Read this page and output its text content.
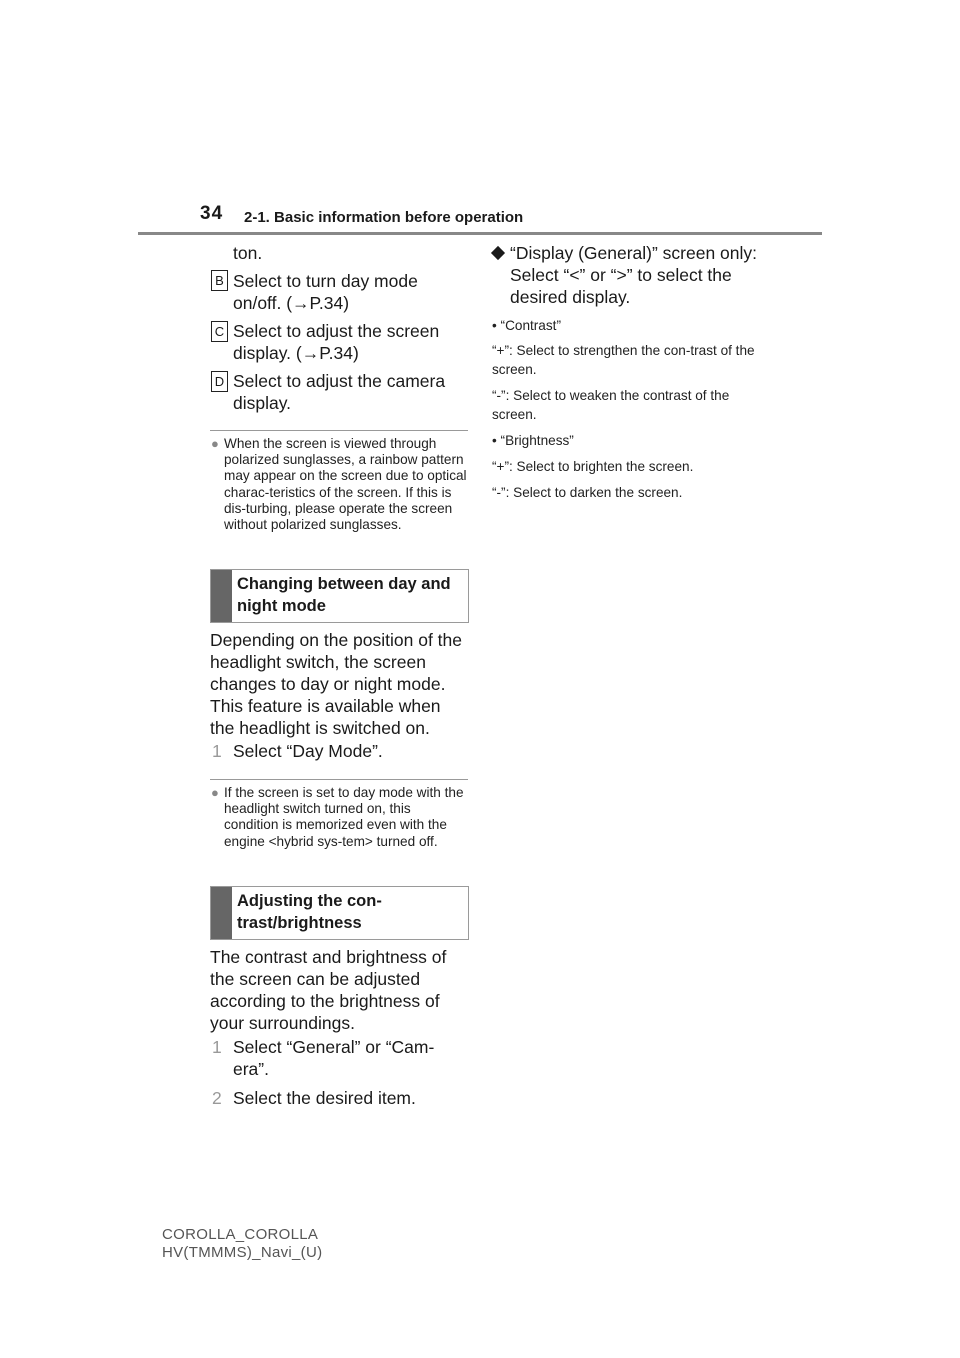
34 2-1. Basic information before operation
ton.
B Select to turn day mode on/off. (→P.34)
C Select to adjust the screen display. (→P.34)
D Select to adjust the camera display.
● When the screen is viewed through polarized sunglasses, a rainbow pattern may appear on the screen due to optical charac-teristics of the screen. If this is dis-turbing, please operate the screen without polarized sunglasses.
Changing between day and night mode
Depending on the position of the headlight switch, the screen changes to day or night mode. This feature is available when the headlight is switched on.
1 Select “Day Mode”.
● If the screen is set to day mode with the headlight switch turned on, this condition is memorized even with the engine <hybrid sys-tem> turned off.
Adjusting the con-trast/brightness
The contrast and brightness of the screen can be adjusted according to the brightness of your surroundings.
1 Select “General” or “Cam-era”.
2 Select the desired item.
“Display (General)” screen only: Select “<” or “>” to select the desired display.
• “Contrast”
“+”: Select to strengthen the con-trast of the screen.
“-”: Select to weaken the contrast of the screen.
• “Brightness”
“+”: Select to brighten the screen.
“-”: Select to darken the screen.
COROLLA_COROLLA
HV(TMMMS)_Navi_(U)
